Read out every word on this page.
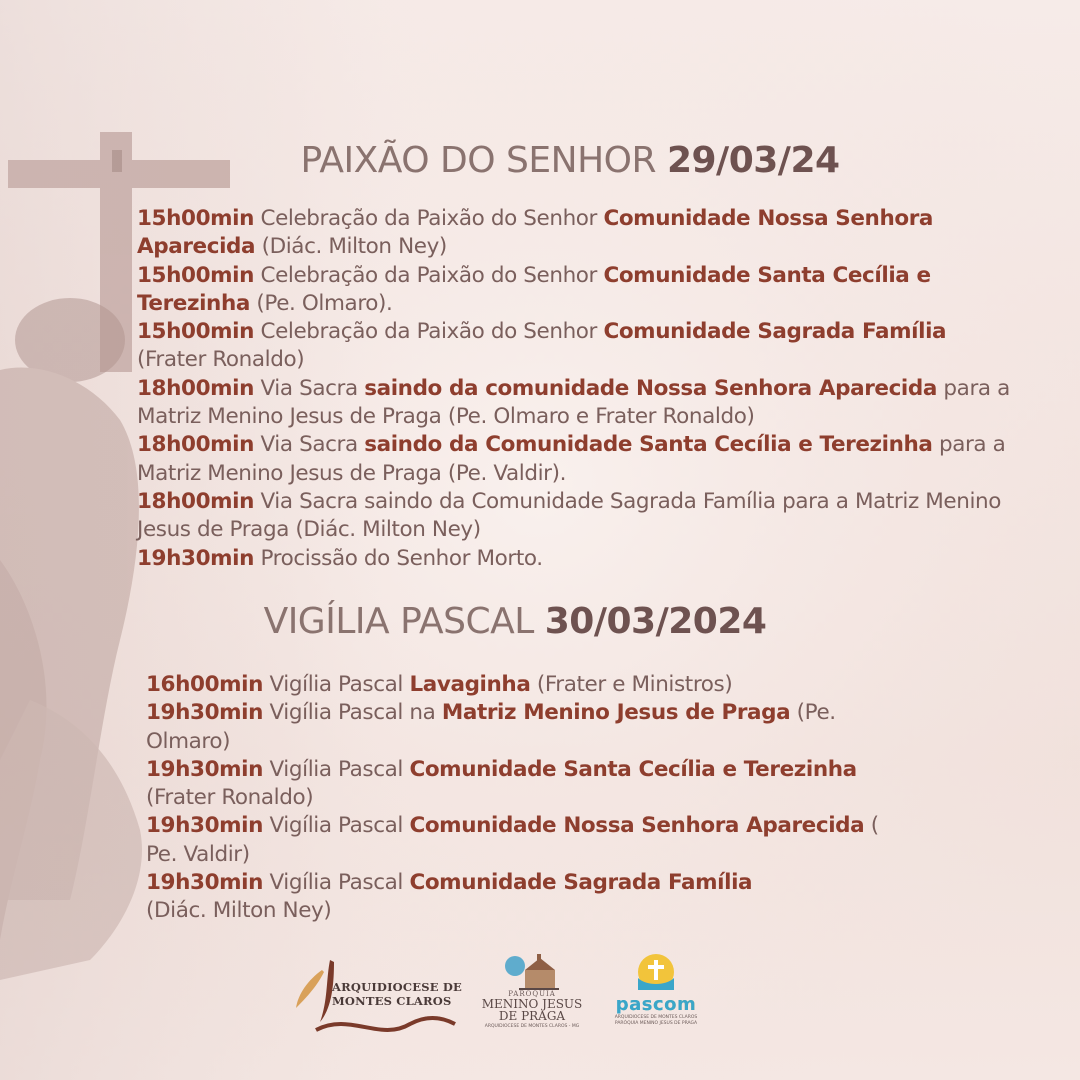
PAIXÃO DO SENHOR 29/03/24
15h00min Celebração da Paixão do Senhor Comunidade Nossa Senhora Aparecida (Diác. Milton Ney)
15h00min Celebração da Paixão do Senhor Comunidade Santa Cecília e Terezinha (Pe. Olmaro).
15h00min Celebração da Paixão do Senhor Comunidade Sagrada Família (Frater Ronaldo)
18h00min Via Sacra saindo da comunidade Nossa Senhora Aparecida para a Matriz Menino Jesus de Praga (Pe. Olmaro e Frater Ronaldo)
18h00min Via Sacra saindo da Comunidade Santa Cecília e Terezinha para a Matriz Menino Jesus de Praga (Pe. Valdir).
18h00min Via Sacra saindo da Comunidade Sagrada Família para a Matriz Menino Jesus de Praga (Diác. Milton Ney)
19h30min Procissão do Senhor Morto.
VIGÍLIA PASCAL 30/03/2024
16h00min Vigília Pascal Lavaginha (Frater e Ministros)
19h30min Vigília Pascal na Matriz Menino Jesus de Praga (Pe. Olmaro)
19h30min Vigília Pascal Comunidade Santa Cecília e Terezinha (Frater Ronaldo)
19h30min Vigília Pascal Comunidade Nossa Senhora Aparecida ( Pe. Valdir)
19h30min Vigília Pascal Comunidade Sagrada Família (Diác. Milton Ney)
ARQUIDIOCESE DE
MONTES CLAROS	PARÓQUIA
MENINO JESUS
DE PRAGA
ARQUIDIOCESE DE MONTES CLAROS - MG
pascom
ARQUIDIOCESE DE MONTES CLAROS
PARÓQUIA MENINO JESUS DE PRAGA
